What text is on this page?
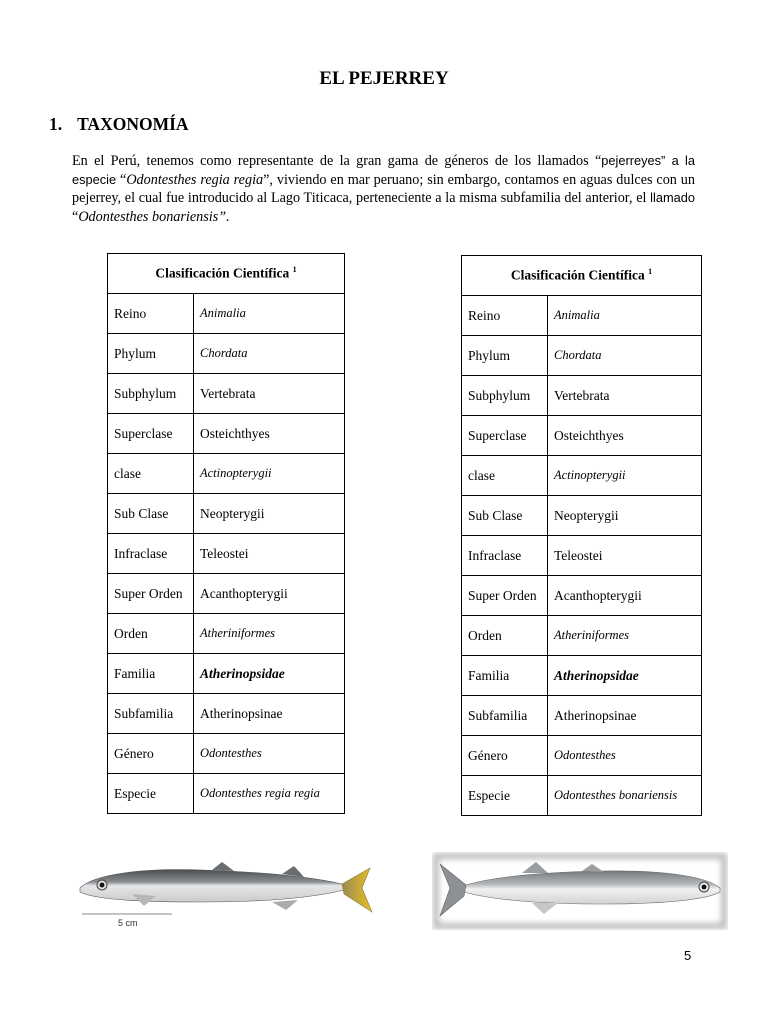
EL PEJERREY
1. TAXONOMÍA
En el Perú, tenemos como representante de la gran gama de géneros de los llamados “pejerreyes” a la especie “Odontesthes regia regia”, viviendo en mar peruano; sin embargo, contamos en aguas dulces con un pejerrey, el cual fue introducido al Lago Titicaca, perteneciente a la misma subfamilia del anterior, el llamado “Odontesthes bonariensis”.
Clasificación Científica $^1$
Reino	Animalia
Phylum	Chordata
Subphylum	Vertebrata
Superclase	Osteichthyes
clase	Actinopterygii
Sub Clase	Neopterygii
Infraclase	Teleostei
Super Orden	Acanthopterygii
Orden	Atheriniformes
Familia	Atherinopsidae
Subfamilia	Atherinopsinae
Género	Odontesthes
Especie	Odontesthes regia regia
Clasificación Científica $^1$
Reino	Animalia
Phylum	Chordata
Subphylum	Vertebrata
Superclase	Osteichthyes
clase	Actinopterygii
Sub Clase	Neopterygii
Infraclase	Teleostei
Super Orden	Acanthopterygii
Orden	Atheriniformes
Familia	Atherinopsidae
Subfamilia	Atherinopsinae
Género	Odontesthes
Especie	Odontesthes bonariensis
5 cm
5
